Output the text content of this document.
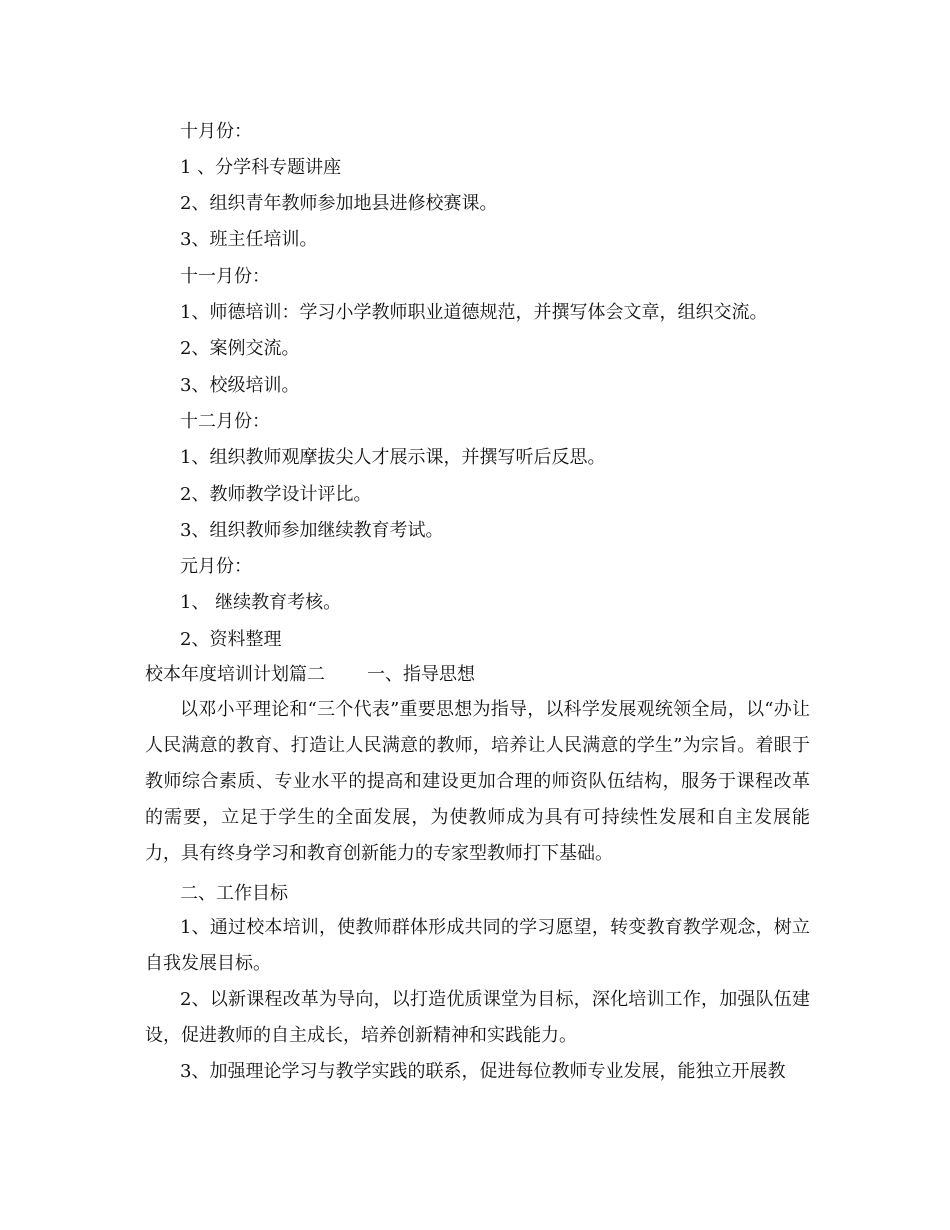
十月份：
1 、分学科专题讲座
2、组织青年教师参加地县进修校赛课。
3、班主任培训。
十一月份：
1、师德培训：学习小学教师职业道德规范，并撰写体会文章，组织交流。
2、案例交流。
3、校级培训。
十二月份：
1、组织教师观摩拔尖人才展示课，并撰写听后反思。
2、教师教学设计评比。
3、组织教师参加继续教育考试。
元月份：
1、 继续教育考核。
2、资料整理
校本年度培训计划篇二 一、指导思想

以邓小平理论和“三个代表”重要思想为指导，以科学发展观统领全局，以“办让人民满意的教育、打造让人民满意的教师，培养让人民满意的学生”为宗旨。着眼于教师综合素质、专业水平的提高和建设更加合理的师资队伍结构，服务于课程改革的需要，立足于学生的全面发展，为使教师成为具有可持续性发展和自主发展能力，具有终身学习和教育创新能力的专家型教师打下基础。

二、工作目标

1、通过校本培训，使教师群体形成共同的学习愿望，转变教育教学观念，树立自我发展目标。

2、以新课程改革为导向，以打造优质课堂为目标，深化培训工作，加强队伍建设，促进教师的自主成长，培养创新精神和实践能力。

3、加强理论学习与教学实践的联系，促进每位教师专业发展，能独立开展教
